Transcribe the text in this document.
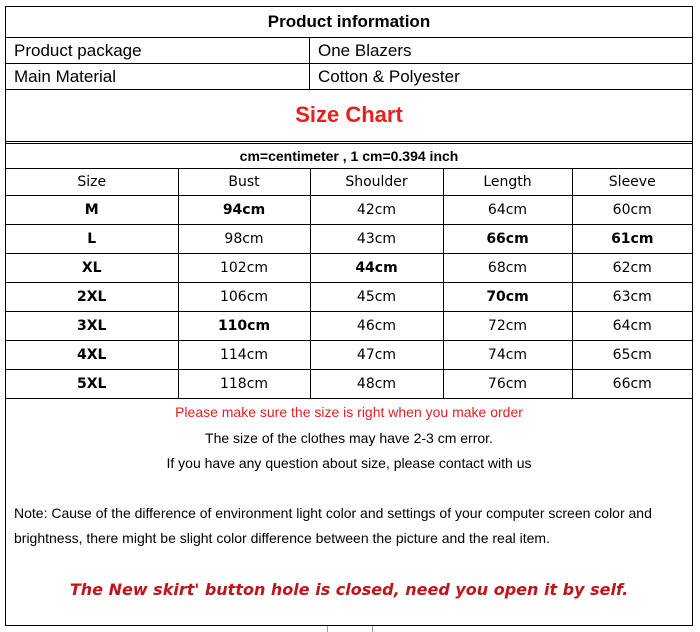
Product information
Product package	One Blazers
Main Material	Cotton & Polyester
Size Chart
cm=centimeter , 1 cm=0.394 inch
Size	Bust	Shoulder	Length	Sleeve
M	94cm	42cm	64cm	60cm
L	98cm	43cm	66cm	61cm
XL	102cm	44cm	68cm	62cm
2XL	106cm	45cm	70cm	63cm
3XL	110cm	46cm	72cm	64cm
4XL	114cm	47cm	74cm	65cm
5XL	118cm	48cm	76cm	66cm
Please make sure the size is right when you make order
The size of the clothes may have 2-3 cm error.
If you have any question about size, please contact with us
Note: Cause of the difference of environment light color and settings of your computer screen color and brightness, there might be slight color difference between the picture and the real item.
The New skirt' button hole is closed, need you open it by self.
